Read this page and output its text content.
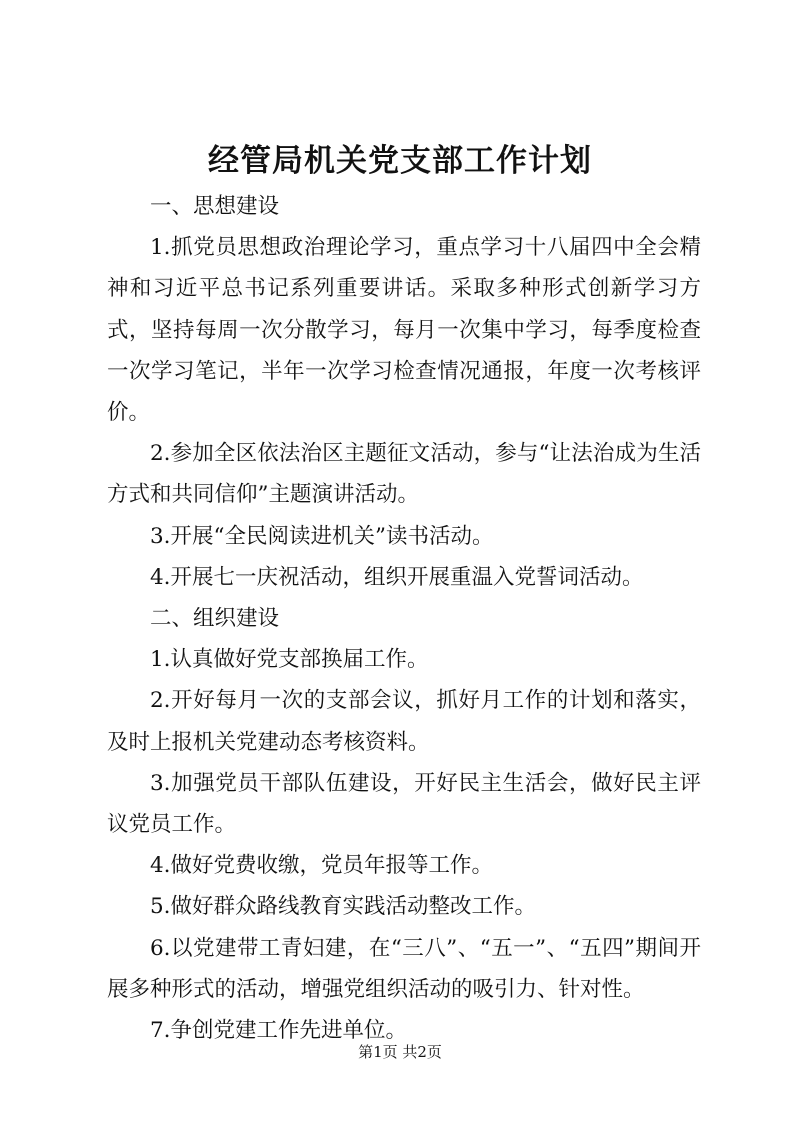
经管局机关党支部工作计划

一、思想建设

1.抓党员思想政治理论学习，重点学习十八届四中全会精神和习近平总书记系列重要讲话。采取多种形式创新学习方式，坚持每周一次分散学习，每月一次集中学习，每季度检查一次学习笔记，半年一次学习检查情况通报，年度一次考核评价。

2.参加全区依法治区主题征文活动，参与“让法治成为生活方式和共同信仰”主题演讲活动。

3.开展“全民阅读进机关”读书活动。

4.开展七一庆祝活动，组织开展重温入党誓词活动。

二、组织建设

1.认真做好党支部换届工作。

2.开好每月一次的支部会议，抓好月工作的计划和落实，及时上报机关党建动态考核资料。

3.加强党员干部队伍建设，开好民主生活会，做好民主评议党员工作。

4.做好党费收缴，党员年报等工作。

5.做好群众路线教育实践活动整改工作。

6.以党建带工青妇建，在“三八”、“五一”、“五四”期间开展多种形式的活动，增强党组织活动的吸引力、针对性。

7.争创党建工作先进单位。

第1页 共2页
